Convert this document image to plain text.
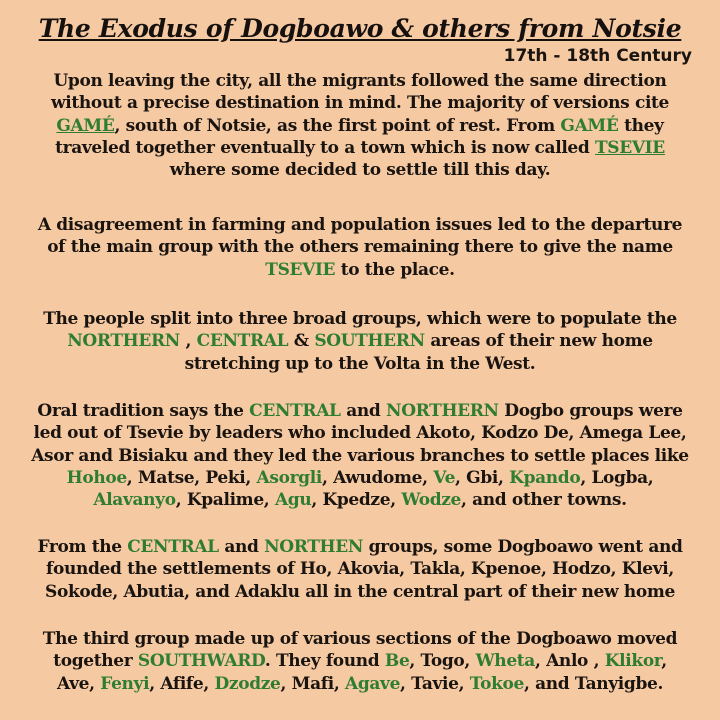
The Exodus of Dogboawo & others from Notsie
17th - 18th Century
Upon leaving the city, all the migrants followed the same direction
without a precise destination in mind. The majority of versions cite
GAMÉ, south of Notsie, as the first point of rest. From GAMÉ they
traveled together eventually to a town which is now called TSEVIE
where some decided to settle till this day.
A disagreement in farming and population issues led to the departure
of the main group with the others remaining there to give the name
TSEVIE to the place.
The people split into three broad groups, which were to populate the
NORTHERN , CENTRAL & SOUTHERN areas of their new home
stretching up to the Volta in the West.
Oral tradition says the CENTRAL and NORTHERN Dogbo groups were
led out of Tsevie by leaders who included Akoto, Kodzo De, Amega Lee,
Asor and Bisiaku and they led the various branches to settle places like
Hohoe, Matse, Peki, Asorgli, Awudome, Ve, Gbi, Kpando, Logba,
Alavanyo, Kpalime, Agu, Kpedze, Wodze, and other towns.
From the CENTRAL and NORTHEN groups, some Dogboawo went and
founded the settlements of Ho, Akovia, Takla, Kpenoe, Hodzo, Klevi,
Sokode, Abutia, and Adaklu all in the central part of their new home
The third group made up of various sections of the Dogboawo moved
together SOUTHWARD. They found Be, Togo, Wheta, Anlo , Klikor,
Ave, Fenyi, Afife, Dzodze, Mafi, Agave, Tavie, Tokoe, and Tanyigbe.
